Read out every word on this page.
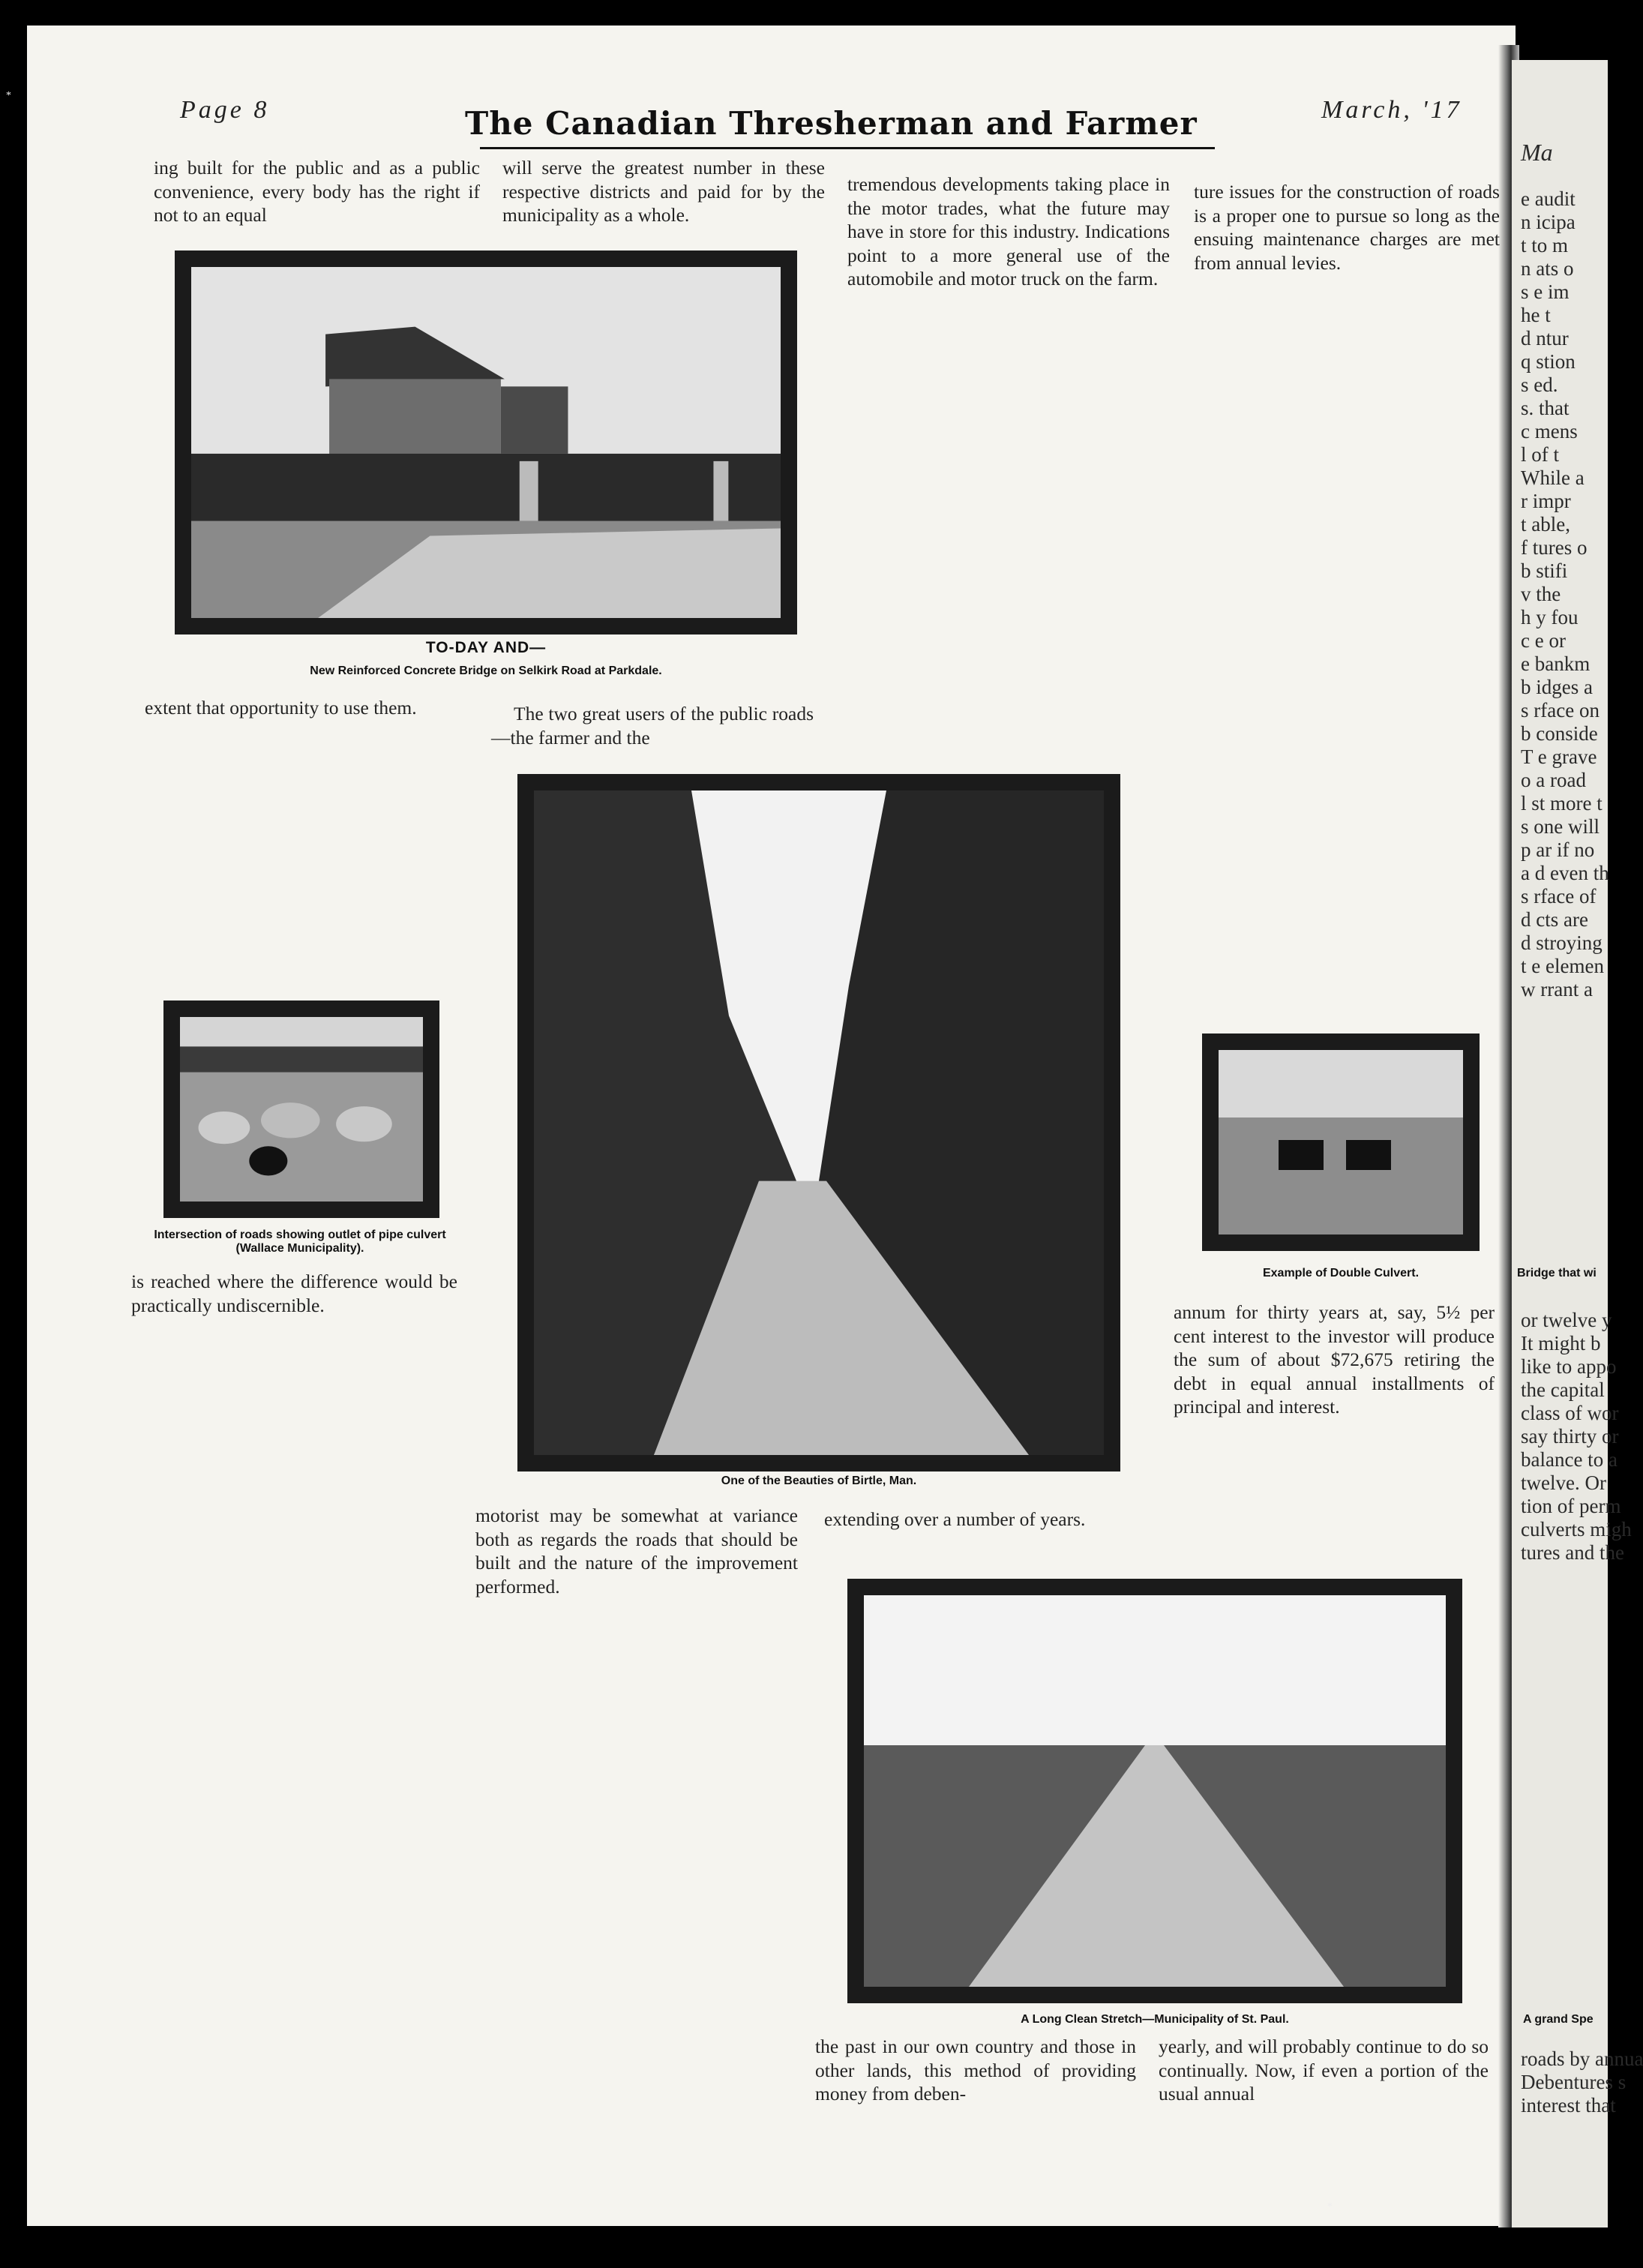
Ma
e audit
n icipa
t to m
n ats o
s e im
he t
d ntur
q stion
s ed.
s. that
c mens
l of t
While a
r impr
t able,
f tures o
b stifi
v the
h y fou
c e or
e bankm
b idges a
s rface on
b conside
T e grave
o a road
l st more t
s one will
p ar if no
a d even th
s rface of
d cts are
d stroying
t e elemen
w rrant a
or twelve y
It might b
like to appo
the capital
class of wor
say thirty or
balance to a
twelve. Or
tion of perm
culverts migh
tures and the
roads by annua
Debentures s
interest that
Page 8	The Canadian Thresherman and Farmer	March, '17

ing built for the public and as a public convenience, every body has the right if not to an equal

will serve the greatest number in these respective districts and paid for by the municipality as a whole.

TO-DAY AND—
New Reinforced Concrete Bridge on Selkirk Road at Parkdale.

extent that opportunity to use them.	The two great users of the public roads—the farmer and the

tremendous developments taking place in the motor trades, what the future may have in store for this industry. Indications point to a more general use of the automobile and motor truck on the farm.

ture issues for the construction of roads is a proper one to pursue so long as the ensuing maintenance charges are met from annual levies.

Intersection of roads showing outlet of pipe culvert (Wallace Municipality).

is reached where the difference would be practically undiscernible.

One of the Beauties of Birtle, Man.
Example of Double Culvert.

annum for thirty years at, say, 5½ per cent interest to the investor will produce the sum of about $72,675 retiring the debt in equal annual installments of principal and interest.

motorist may be somewhat at variance both as regards the roads that should be built and the nature of the improvement performed.

extending over a number of years.

A Long Clean Stretch—Municipality of St. Paul.

the past in our own country and those in other lands, this method of providing money from deben-

yearly, and will probably continue to do so continually. Now, if even a portion of the usual annual

Bridge that wi
A grand Spe
*
*
